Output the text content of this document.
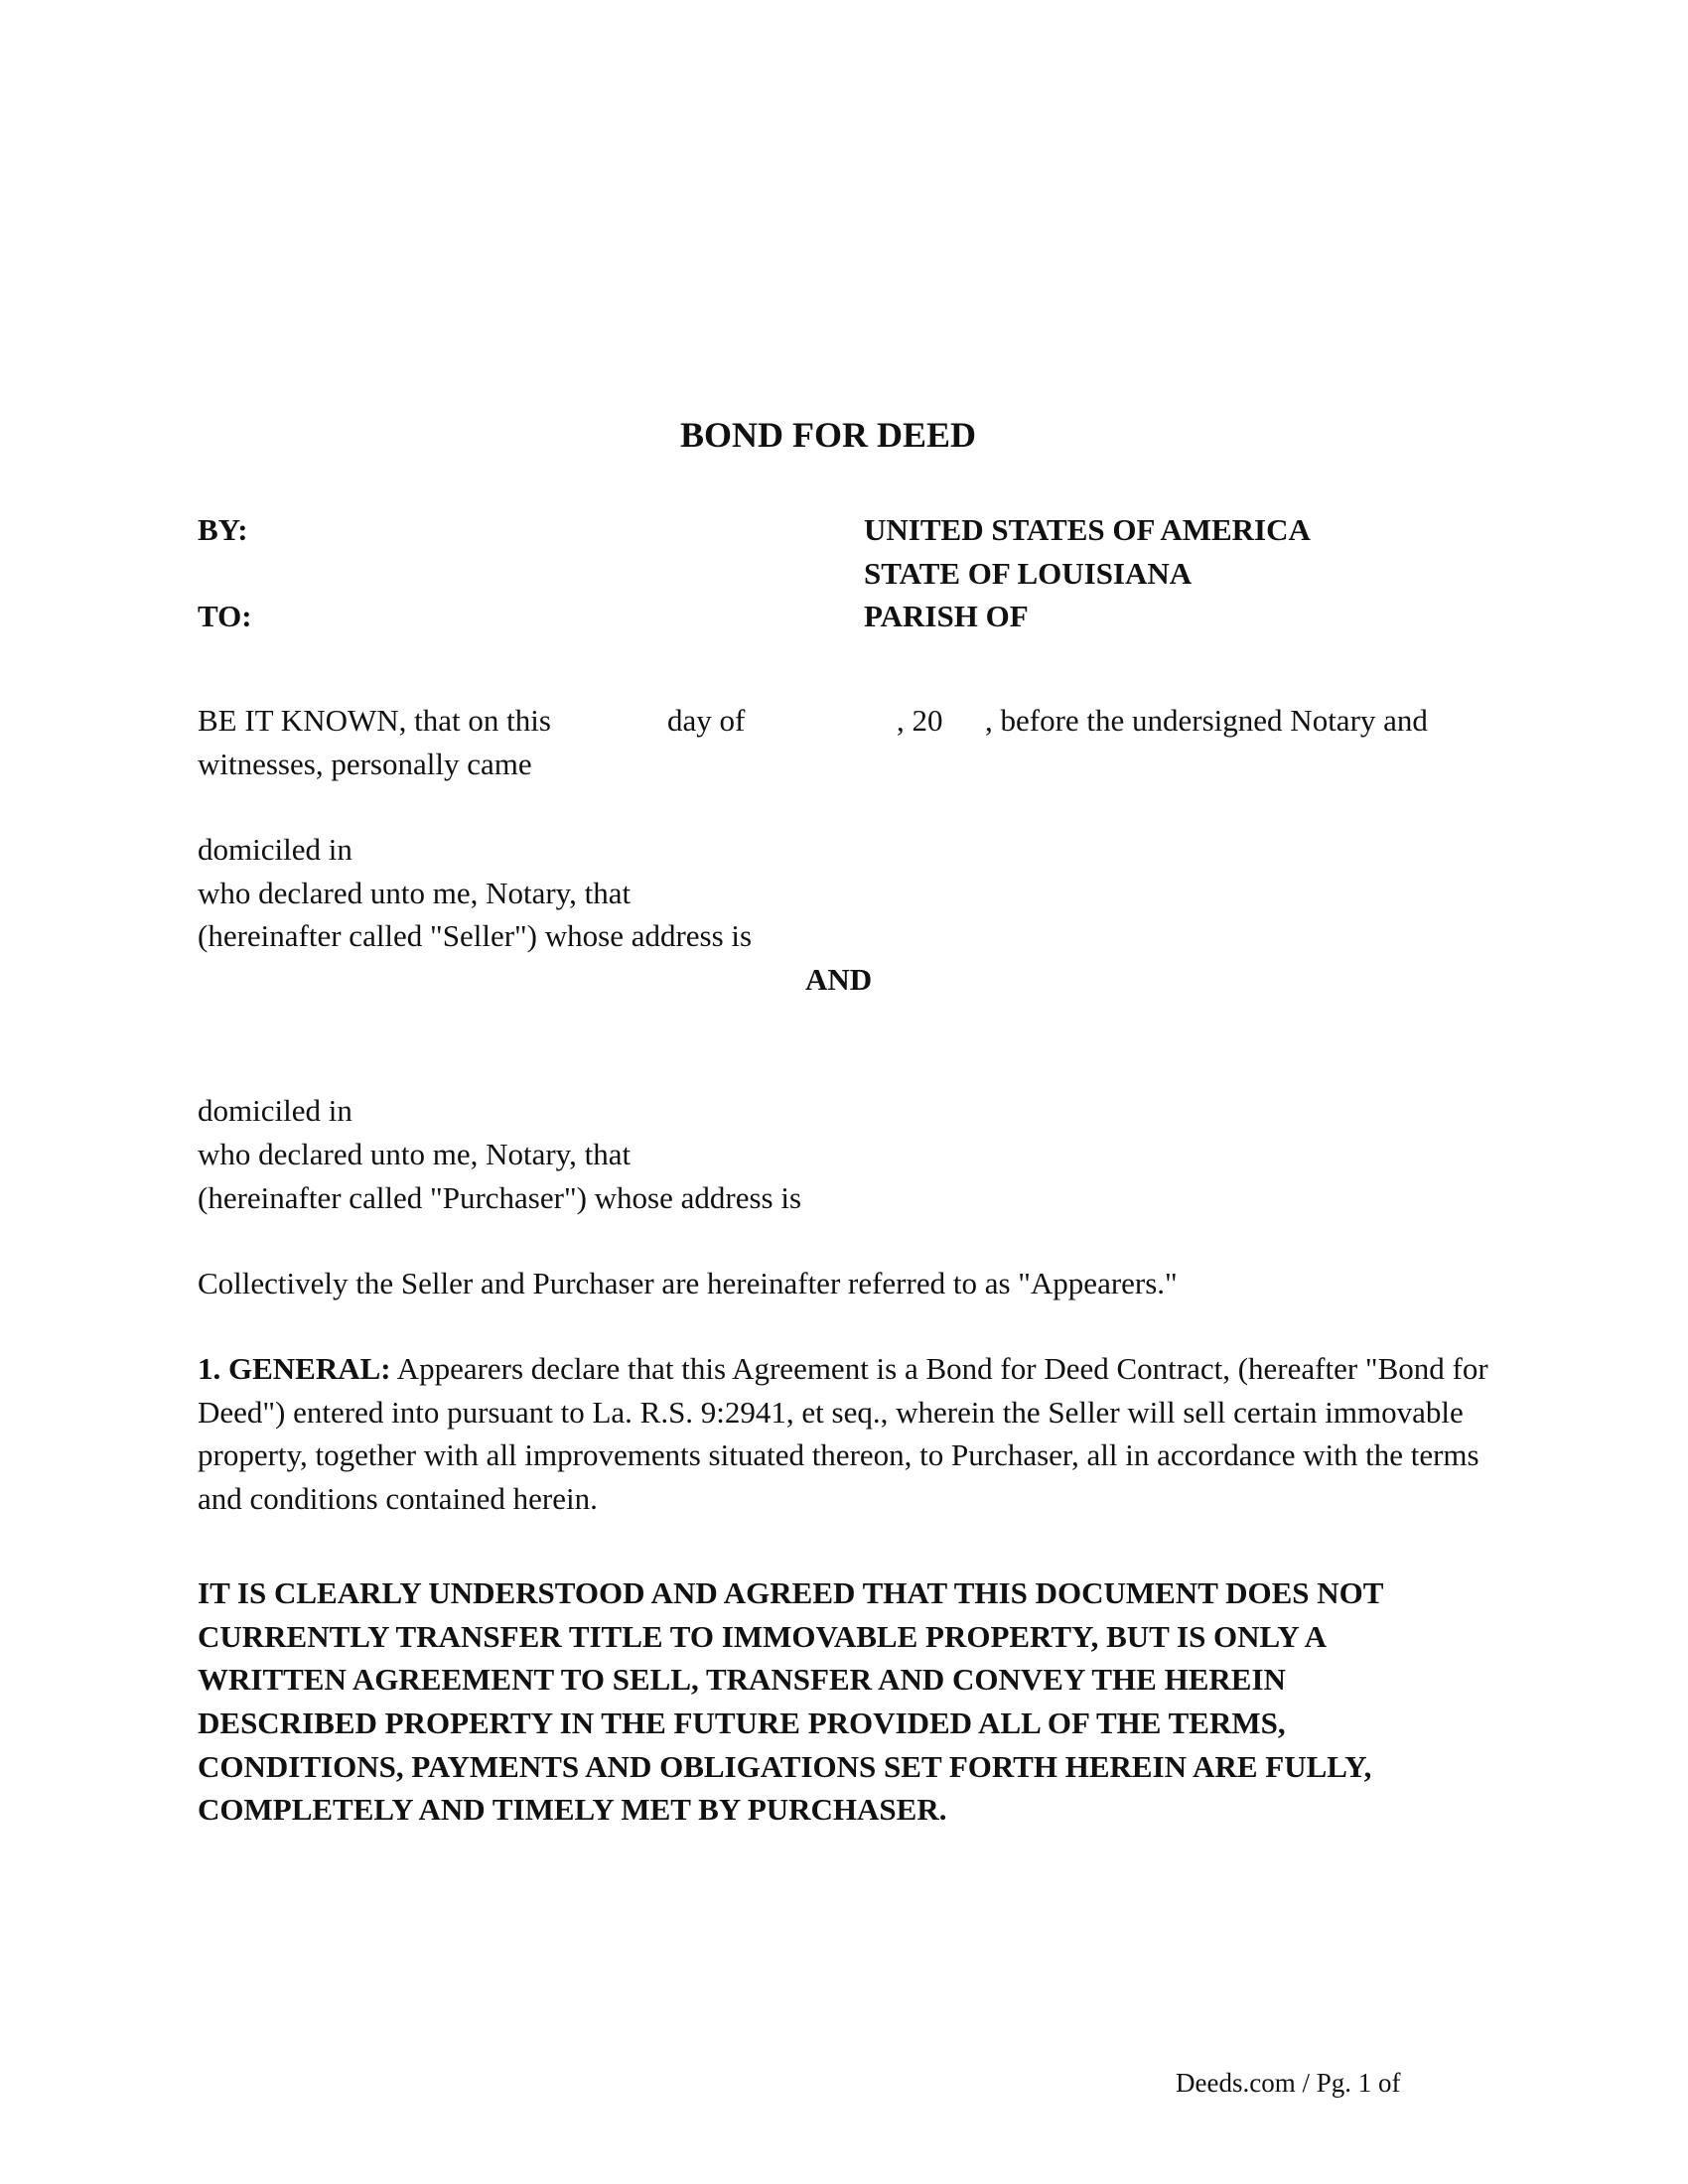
BOND FOR DEED
BY:
TO:
UNITED STATES OF AMERICA
STATE OF LOUISIANA
PARISH OF
BE IT KNOWN, that on this	day of	, 20 , before the undersigned Notary and
witnesses, personally came
domiciled in
who declared unto me, Notary, that
(hereinafter called "Seller") whose address is
AND
domiciled in
who declared unto me, Notary, that
(hereinafter called "Purchaser") whose address is
Collectively the Seller and Purchaser are hereinafter referred to as "Appearers."
1. GENERAL: Appearers declare that this Agreement is a Bond for Deed Contract, (hereafter "Bond for Deed") entered into pursuant to La. R.S. 9:2941, et seq., wherein the Seller will sell certain immovable property, together with all improvements situated thereon, to Purchaser, all in accordance with the terms and conditions contained herein.
IT IS CLEARLY UNDERSTOOD AND AGREED THAT THIS DOCUMENT DOES NOT
CURRENTLY TRANSFER TITLE TO IMMOVABLE PROPERTY, BUT IS ONLY A
WRITTEN AGREEMENT TO SELL, TRANSFER AND CONVEY THE HEREIN
DESCRIBED PROPERTY IN THE FUTURE PROVIDED ALL OF THE TERMS,
CONDITIONS, PAYMENTS AND OBLIGATIONS SET FORTH HEREIN ARE FULLY,
COMPLETELY AND TIMELY MET BY PURCHASER.
Deeds.com / Pg. 1 of
